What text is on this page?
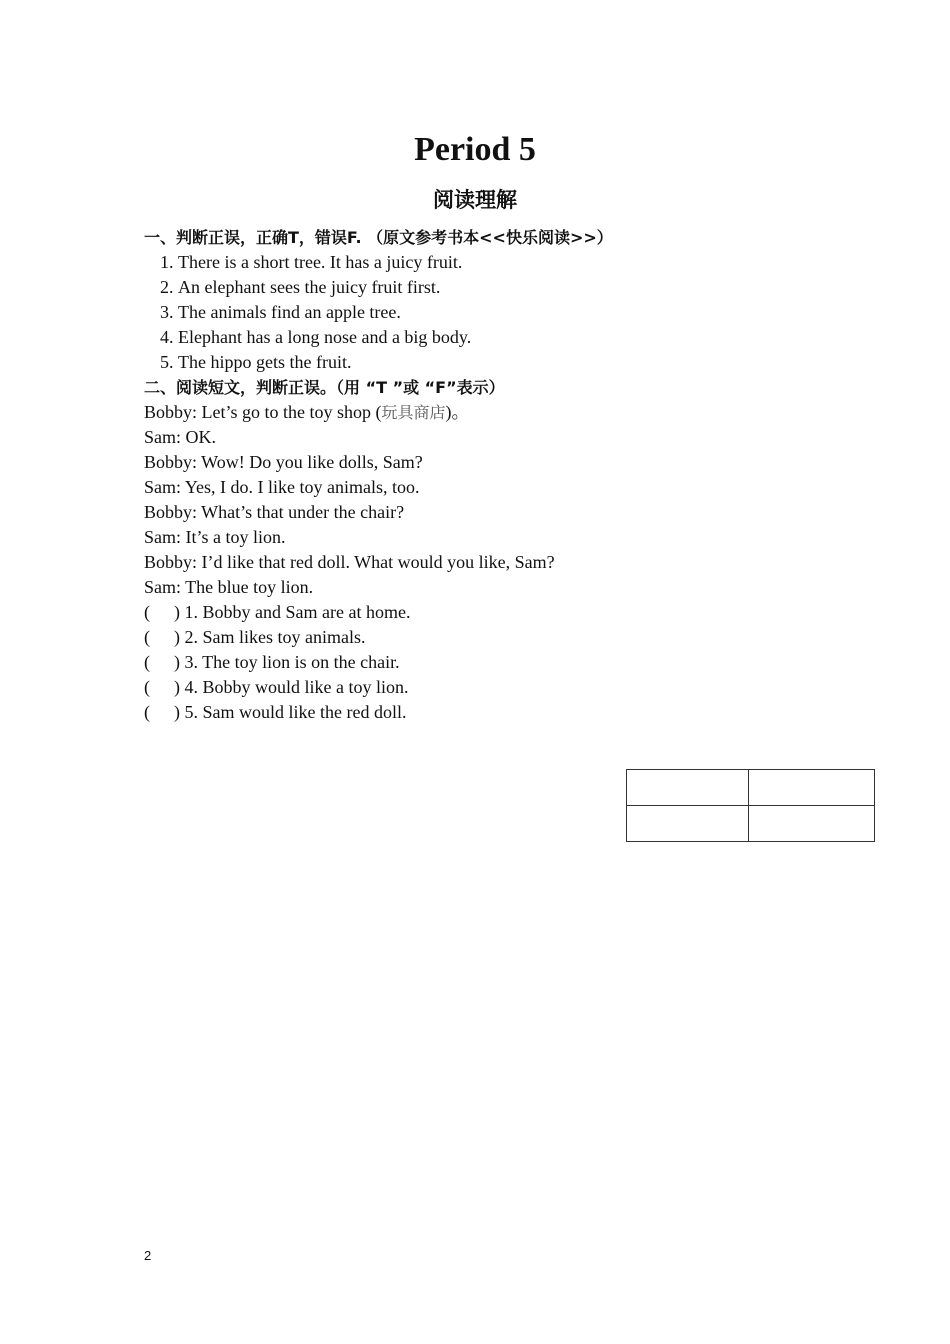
Period 5
阅读理解
一、判断正误，正确T，错误F. （原文参考书本<<快乐阅读>>）
1. There is a short tree. It has a juicy fruit.
2. An elephant sees the juicy fruit first.
3. The animals find an apple tree.
4. Elephant has a long nose and a big body.
5. The hippo gets the fruit.
二、阅读短文，判断正误。（用 “T ”或 “F”表示）
Bobby: Let’s go to the toy shop (玩具商店)。
Sam: OK.
Bobby: Wow! Do you like dolls, Sam?
Sam: Yes, I do. I like toy animals, too.
Bobby: What’s that under the chair?
Sam: It’s a toy lion.
Bobby: I’d like that red doll. What would you like, Sam?
Sam: The blue toy lion.
( ) 1. Bobby and Sam are at home.
( ) 2. Sam likes toy animals.
( ) 3. The toy lion is on the chair.
( ) 4. Bobby would like a toy lion.
( ) 5. Sam would like the red doll.

2
